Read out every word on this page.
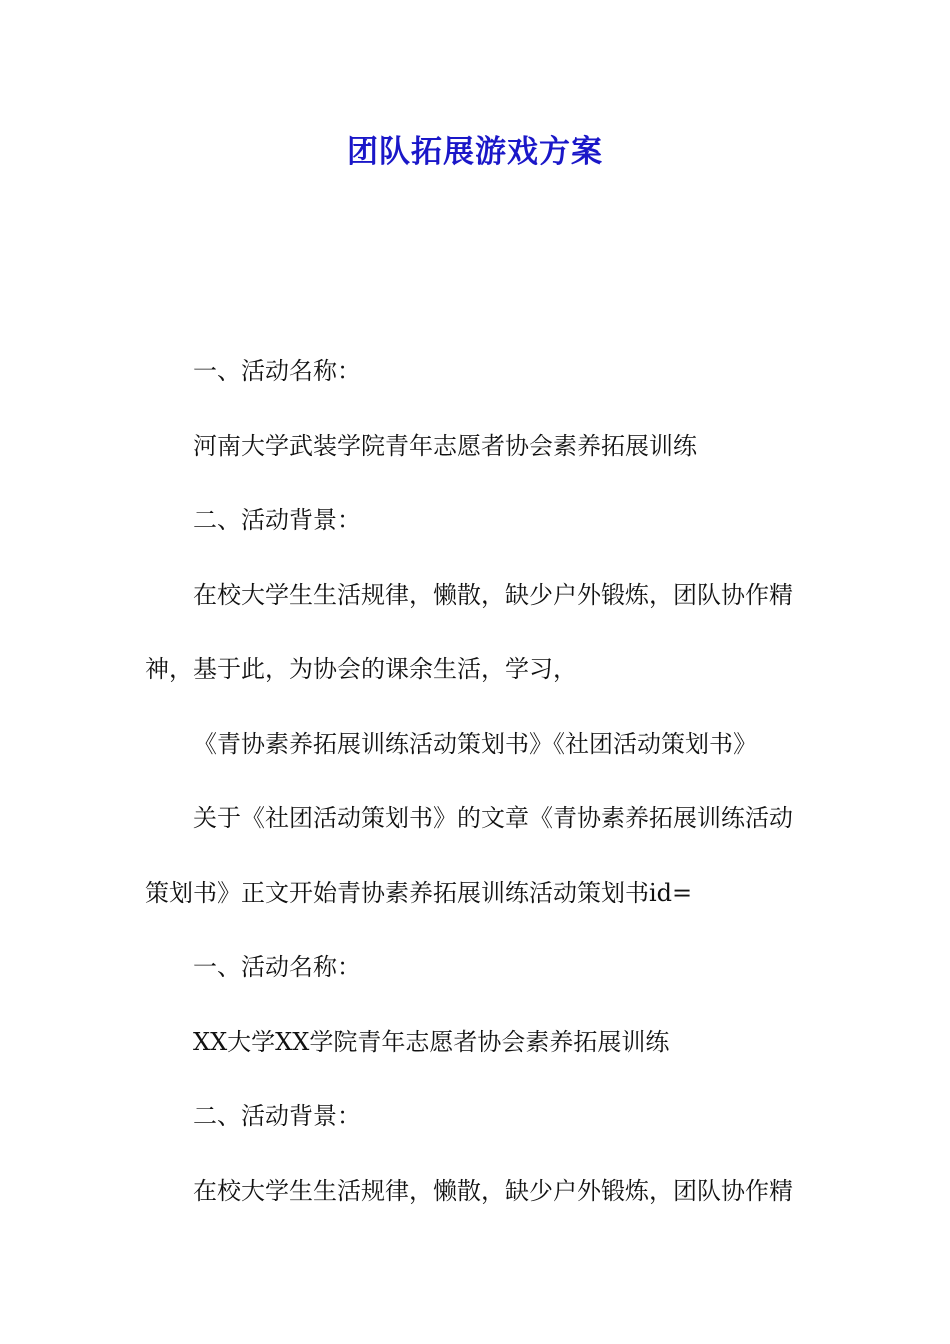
团队拓展游戏方案

一、活动名称：

河南大学武装学院青年志愿者协会素养拓展训练

二、活动背景：

在校大学生生活规律，懒散，缺少户外锻炼，团队协作精神，基于此，为协会的课余生活，学习，

《青协素养拓展训练活动策划书》《社团活动策划书》

关于《社团活动策划书》的文章《青协素养拓展训练活动策划书》正文开始青协素养拓展训练活动策划书id=

一、活动名称：

XX大学XX学院青年志愿者协会素养拓展训练

二、活动背景：

在校大学生生活规律，懒散，缺少户外锻炼，团队协作精
